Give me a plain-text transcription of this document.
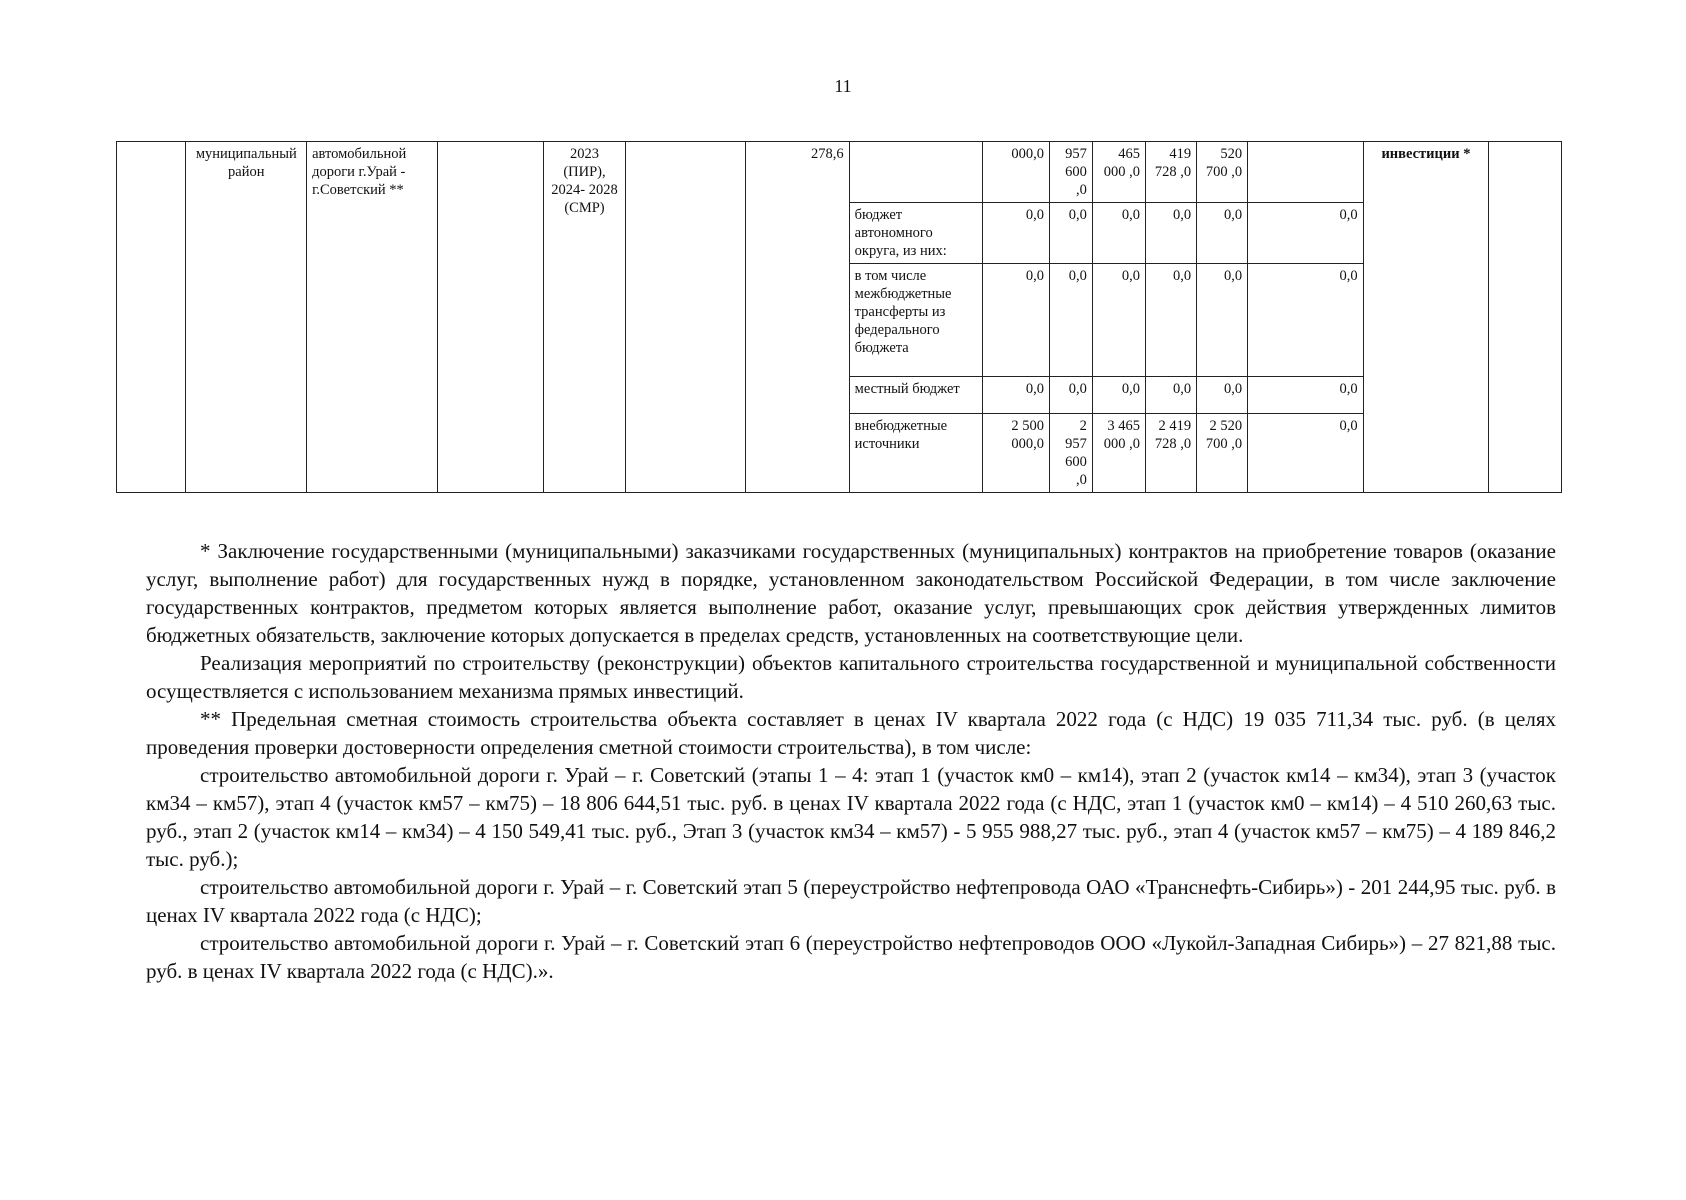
11
	муниципальный район	автомобильной дороги г.Урай - г.Советский **		2023 (ПИР), 2024- 2028 (СМР)		278,6		000,0	957 600 ,0	465 000 ,0	419 728 ,0	520 700 ,0		инвестиции *	
							бюджет автономного округа, из них:	0,0	0,0	0,0	0,0	0,0	0,0		
							в том числе межбюджетные трансферты из федерального бюджета	0,0	0,0	0,0	0,0	0,0	0,0		
							местный бюджет	0,0	0,0	0,0	0,0	0,0	0,0		
							внебюджетные источники	2 500 000,0	2 957 600 ,0	3 465 000 ,0	2 419 728 ,0	2 520 700 ,0	0,0		

* Заключение государственными (муниципальными) заказчиками государственных (муниципальных) контрактов на приобретение товаров (оказание услуг, выполнение работ) для государственных нужд в порядке, установленном законодательством Российской Федерации, в том числе заключение государственных контрактов, предметом которых является выполнение работ, оказание услуг, превышающих срок действия утвержденных лимитов бюджетных обязательств, заключение которых допускается в пределах средств, установленных на соответствующие цели.

Реализация мероприятий по строительству (реконструкции) объектов капитального строительства государственной и муниципальной собственности осуществляется с использованием механизма прямых инвестиций.

** Предельная сметная стоимость строительства объекта составляет в ценах IV квартала 2022 года (с НДС) 19 035 711,34 тыс. руб. (в целях проведения проверки достоверности определения сметной стоимости строительства), в том числе:

строительство автомобильной дороги г. Урай – г. Советский (этапы 1 – 4: этап 1 (участок км0 – км14), этап 2 (участок км14 – км34), этап 3 (участок км34 – км57), этап 4 (участок км57 – км75) – 18 806 644,51 тыс. руб. в ценах IV квартала 2022 года (с НДС, этап 1 (участок км0 – км14) – 4 510 260,63 тыс. руб., этап 2 (участок км14 – км34) – 4 150 549,41 тыс. руб., Этап 3 (участок км34 – км57) - 5 955 988,27 тыс. руб., этап 4 (участок км57 – км75) – 4 189 846,2 тыс. руб.);

строительство автомобильной дороги г. Урай – г. Советский этап 5 (переустройство нефтепровода ОАО «Транснефть-Сибирь») - 201 244,95 тыс. руб. в ценах IV квартала 2022 года (с НДС);

строительство автомобильной дороги г. Урай – г. Советский этап 6 (переустройство нефтепроводов ООО «Лукойл-Западная Сибирь») – 27 821,88 тыс. руб. в ценах IV квартала 2022 года (с НДС).».
